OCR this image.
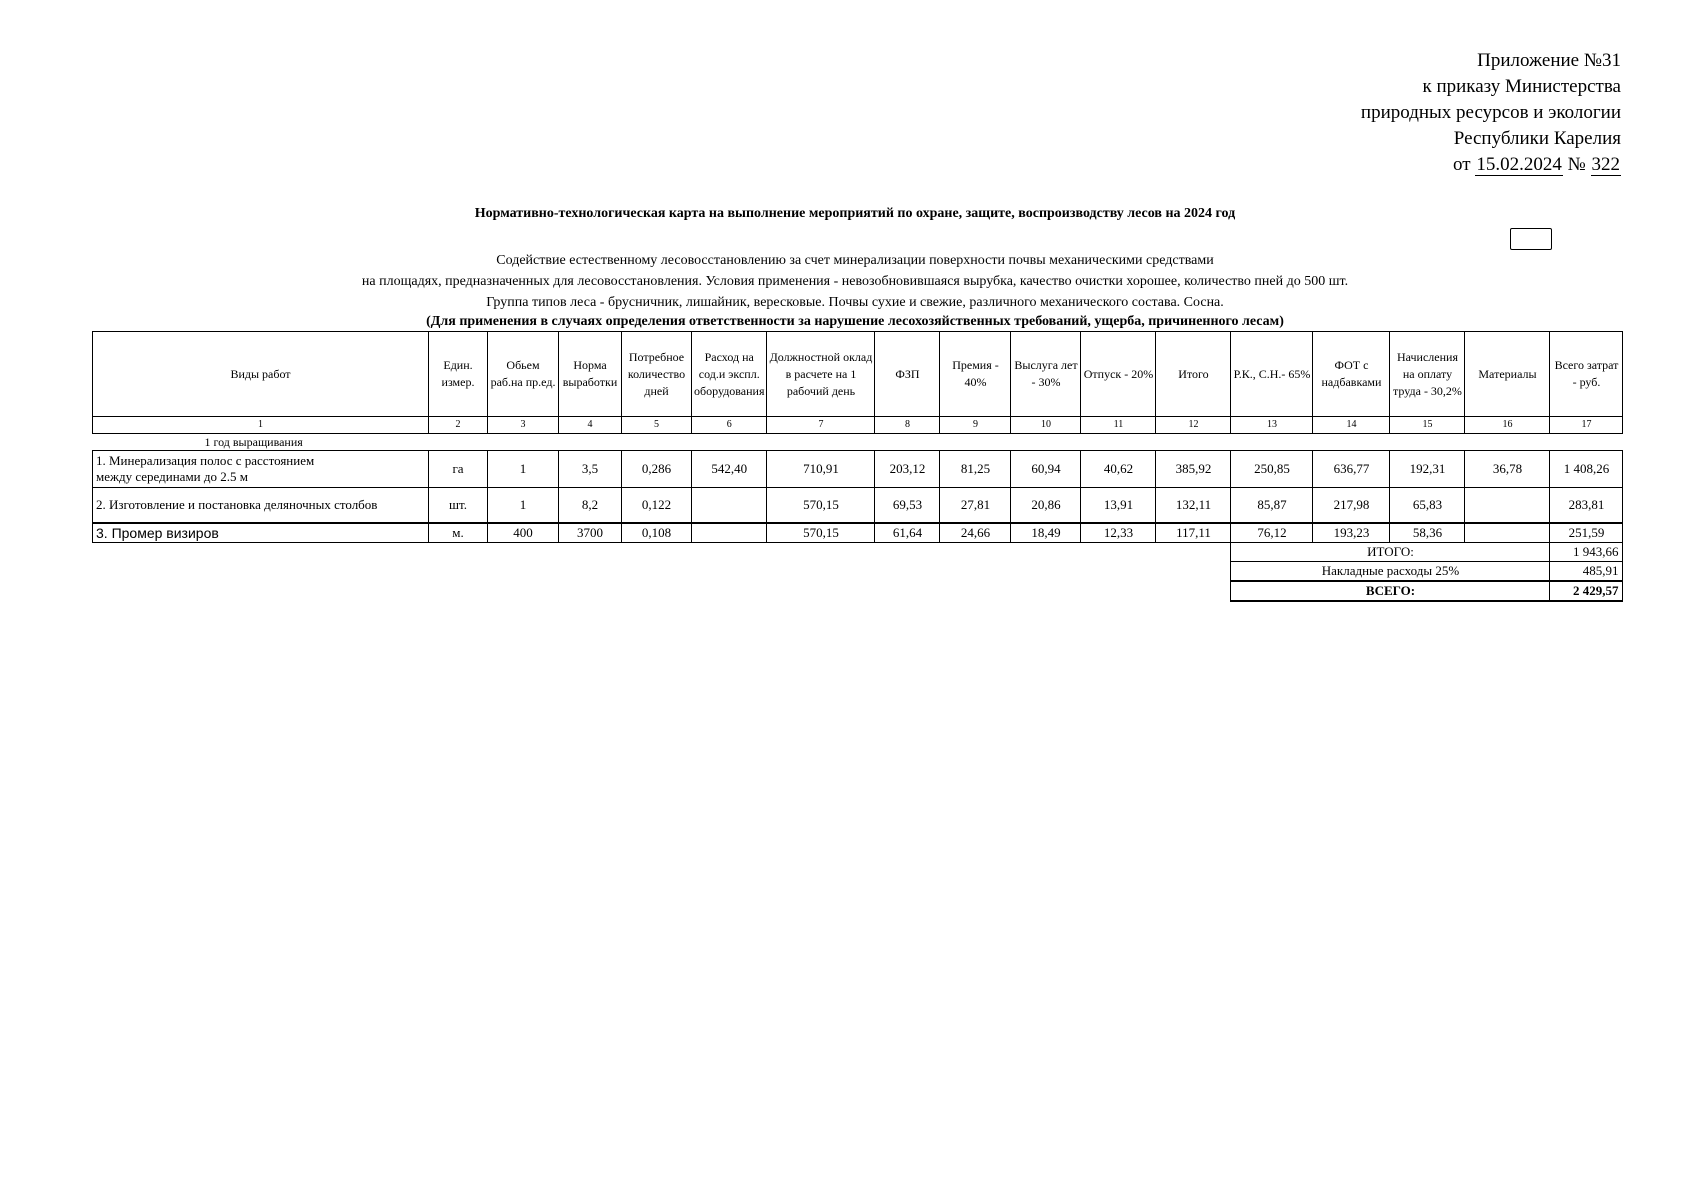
Приложение №31
к приказу Министерства
природных ресурсов и экологии
Республики Карелия
от 15.02.2024 № 322
Нормативно-технологическая карта на выполнение мероприятий по охране, защите, воспроизводству лесов на 2024 год
Содействие естественному лесовосстановлению за счет минерализации поверхности почвы механическими средствами
на площадях, предназначенных для лесовосстановления. Условия применения - невозобновившаяся вырубка, качество очистки хорошее, количество пней до 500 шт.
Группа типов леса - брусничник, лишайник, вересковые. Почвы сухие и свежие, различного механического состава. Сосна.
(Для применения в случаях определения ответственности за нарушение лесохозяйственных требований, ущерба, причиненного лесам)
Виды работ	Един. измер.	Обьем раб.на пр.ед.	Норма выработки	Потребное количество дней	Расход на сод.и экспл. оборудования	Должностной оклад в расчете на 1 рабочий день	ФЗП	Премия - 40%	Выслуга лет - 30%	Отпуск - 20%	Итого	Р.К., С.Н.- 65%	ФОТ с надбавками	Начисления на оплату труда - 30,2%	Материалы	Всего затрат - руб.
1	2	3	4	5	6	7	8	9	10	11	12	13	14	15	16	17
1 год выращивания																

1. Минерализация полос с расстоянием
между серединами до 2.5 м	га	1	3,5	0,286	542,40	710,91	203,12	81,25	60,94	40,62	385,92	250,85	636,77	192,31	36,78	1 408,26
2. Изготовление и постановка деляночных столбов	шт.	1	8,2	0,122		570,15	69,53	27,81	20,86	13,91	132,11	85,87	217,98	65,83		283,81
3. Промер визиров	м.	400	3700	0,108		570,15	61,64	24,66	18,49	12,33	117,11	76,12	193,23	58,36		251,59
												ИТОГО:				1 943,66
												Накладные расходы 25%				485,91
												ВСЕГО:				2 429,57
